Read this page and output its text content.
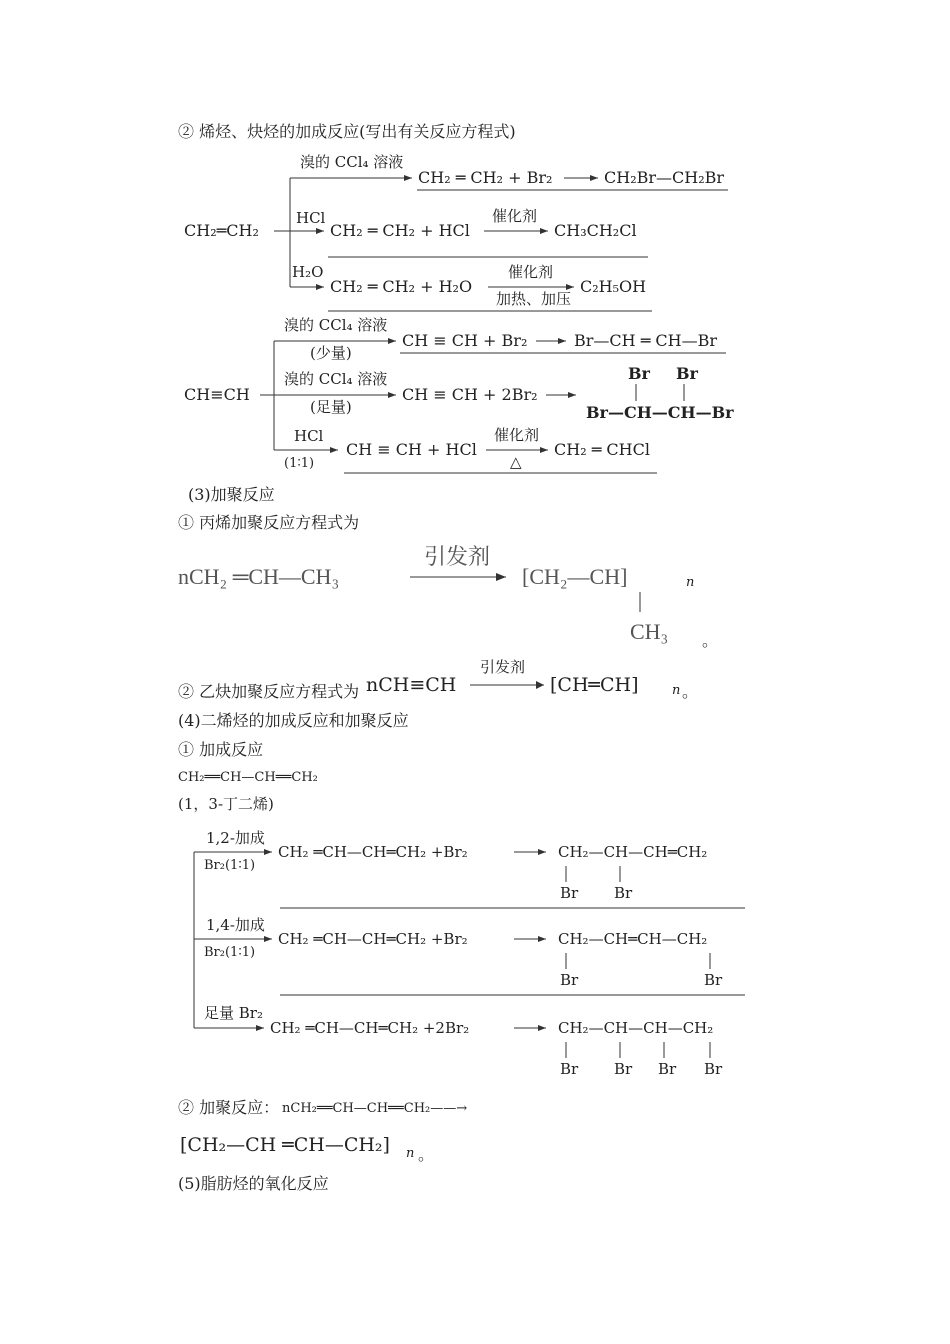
② 烯烃、炔烃的加成反应(写出有关反应方程式)
CH₂═CH₂
溴的 CCl₄ 溶液
CH₂ ═ CH₂ + Br₂	CH₂Br—CH₂Br
HCl
CH₂ ═ CH₂ + HCl
催化剂
CH₃CH₂Cl
H₂O
CH₂ ═ CH₂ + H₂O
催化剂
加热、加压
C₂H₅OH
CH≡CH
溴的 CCl₄ 溶液
(少量)
CH ≡ CH + Br₂	Br—CH ═ CH—Br
溴的 CCl₄ 溶液
(足量)
CH ≡ CH + 2Br₂
Br Br
Br—CH—CH—Br
HCl
(1∶1)
CH ≡ CH + HCl
催化剂
△
CH₂ ═ CHCl
(3)加聚反应
① 丙烯加聚反应方程式为
nCH₂ ═CH—CH₃
引发剂
[CH₂—CH]	n
CH₃ 。
② 乙炔加聚反应方程式为 nCH≡CH
引发剂
[CH═CH]	n 。
(4)二烯烃的加成反应和加聚反应
① 加成反应
CH₂══CH—CH══CH₂
(1，3-丁二烯)
1,2-加成
Br₂(1∶1)
CH₂ ═CH—CH═CH₂ +Br₂	CH₂—CH—CH═CH₂
Br Br
1,4-加成
Br₂(1∶1)
CH₂ ═CH—CH═CH₂ +Br₂	CH₂—CH═CH—CH₂
Br	Br
足量 Br₂
CH₂ ═CH—CH═CH₂ +2Br₂	CH₂—CH—CH—CH₂
Br Br Br Br
② 加聚反应： nCH₂══CH—CH══CH₂——→
[CH₂—CH ═CH—CH₂] n 。
(5)脂肪烃的氧化反应
